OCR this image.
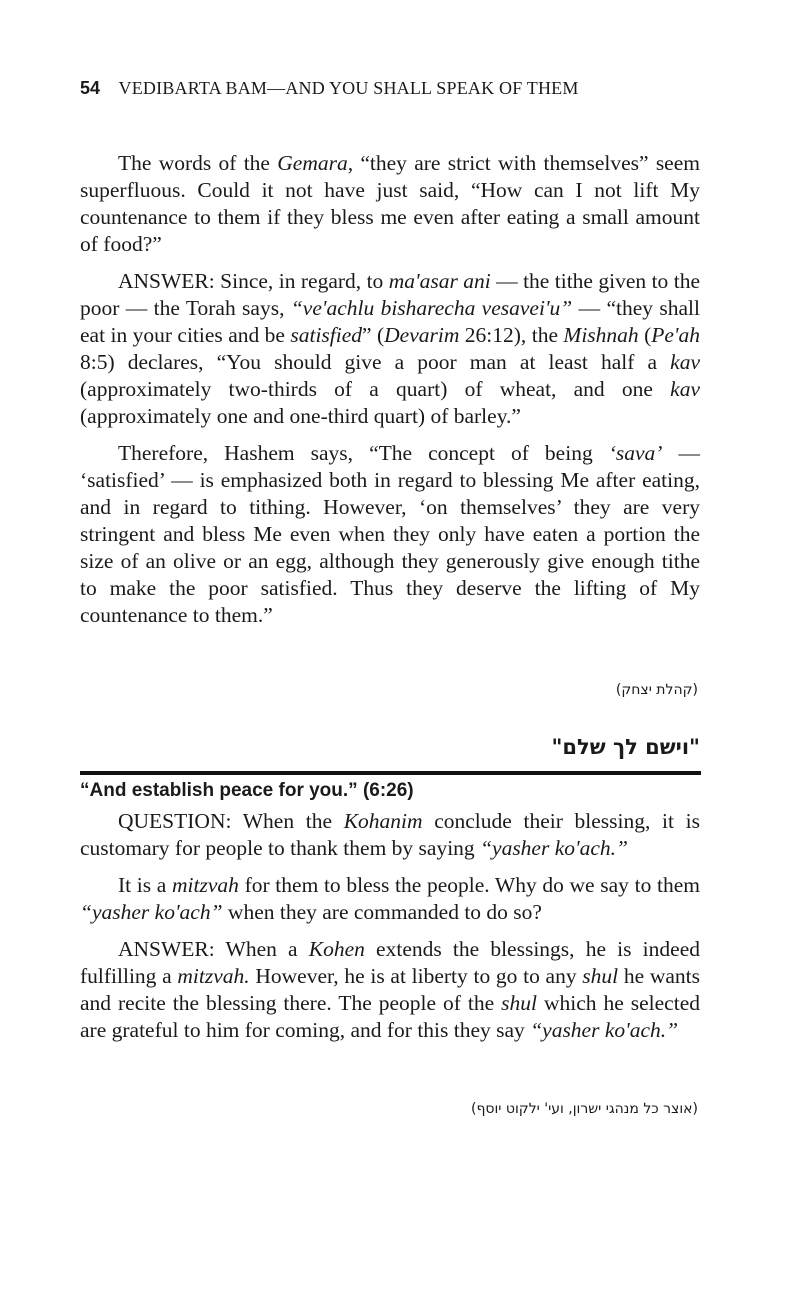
54 VEDIBARTA BAM—AND YOU SHALL SPEAK OF THEM

The words of the Gemara, “they are strict with themselves” seem superfluous. Could it not have just said, “How can I not lift My countenance to them if they bless me even after eating a small amount of food?”

ANSWER: Since, in regard, to ma'asar ani — the tithe given to the poor — the Torah says, “ve'achlu bisharecha vesavei'u” — “they shall eat in your cities and be satisfied” (Devarim 26:12), the Mishnah (Pe'ah 8:5) declares, “You should give a poor man at least half a kav (approximately two-thirds of a quart) of wheat, and one kav (approximately one and one-third quart) of barley.”

Therefore, Hashem says, “The concept of being ‘sava’ — ‘satisfied’ — is emphasized both in regard to blessing Me after eating, and in regard to tithing. However, ‘on themselves’ they are very stringent and bless Me even when they only have eaten a portion the size of an olive or an egg, although they generously give enough tithe to make the poor satisfied. Thus they deserve the lifting of My countenance to them.”

(קהלת יצחק)
"וישם לך שלם"
“And establish peace for you.” (6:26)

QUESTION: When the Kohanim conclude their blessing, it is customary for people to thank them by saying “yasher ko'ach.”

It is a mitzvah for them to bless the people. Why do we say to them “yasher ko'ach” when they are commanded to do so?

ANSWER: When a Kohen extends the blessings, he is indeed fulfilling a mitzvah. However, he is at liberty to go to any shul he wants and recite the blessing there. The people of the shul which he selected are grateful to him for coming, and for this they say “yasher ko'ach.”

(אוצר כל מנהגי ישרון, ועי' ילקוט יוסף)
